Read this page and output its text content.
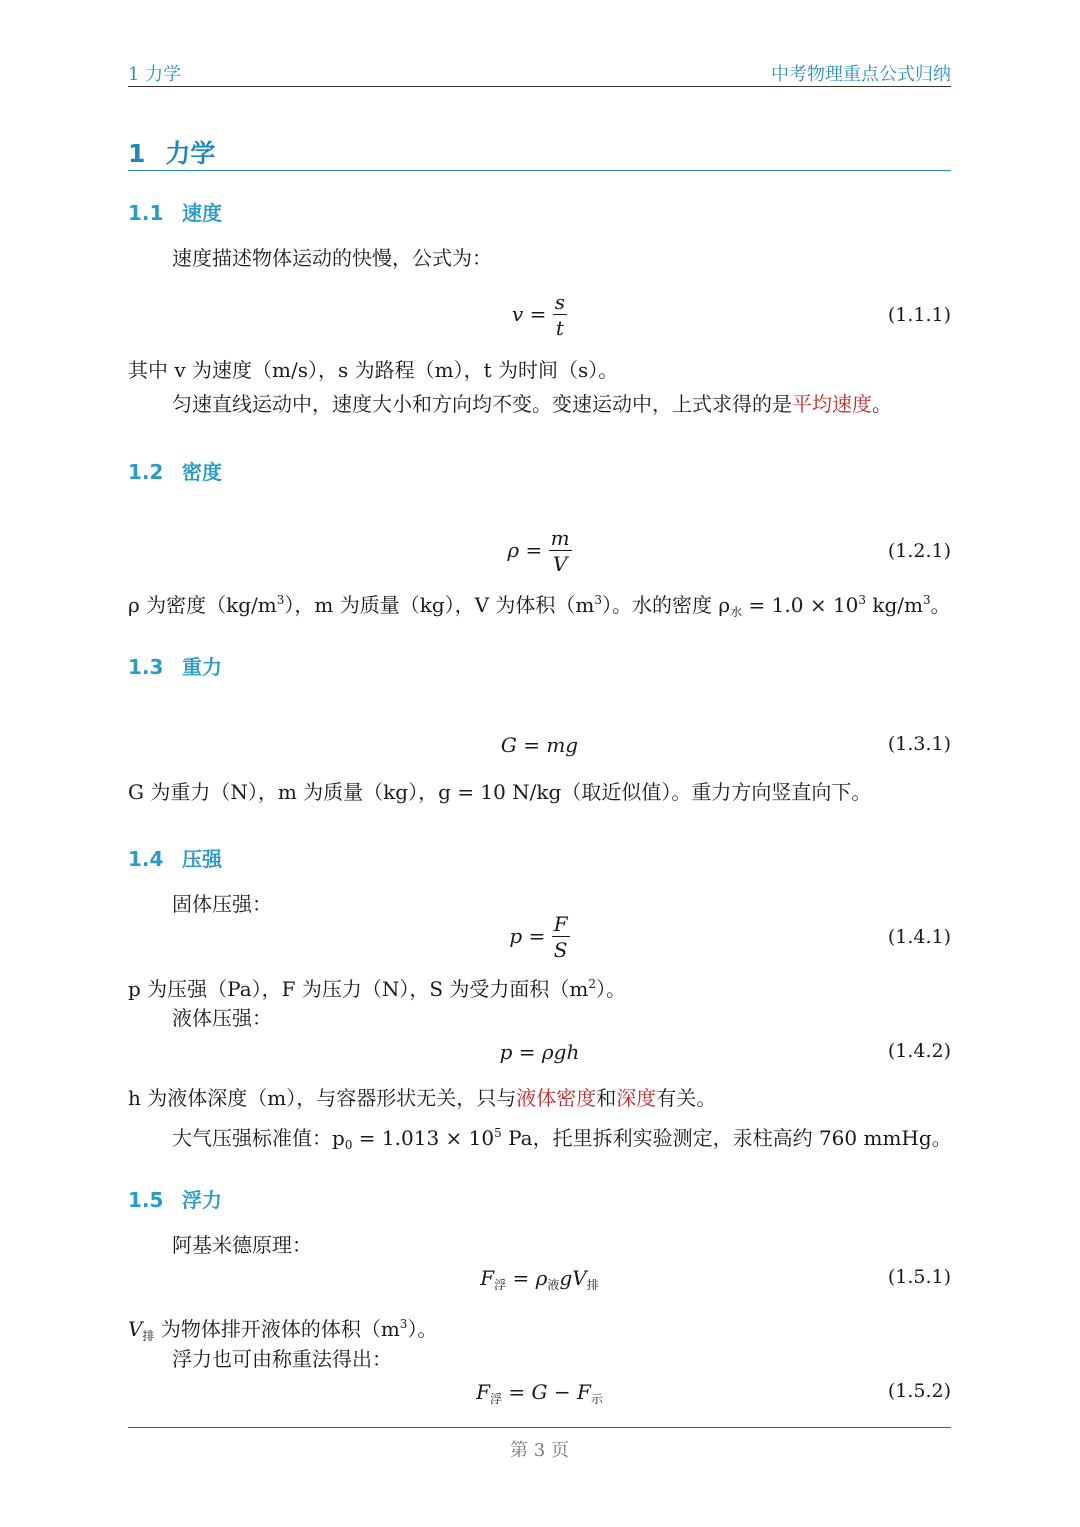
1 力学	中考物理重点公式归纳
1 力学
1.1 速度
速度描述物体运动的快慢，公式为：
$v = \frac{s}{t}$	(1.1.1)
其中 v 为速度（m/s），s 为路程（m），t 为时间（s）。
匀速直线运动中，速度大小和方向均不变。变速运动中，上式求得的是平均速度。
1.2 密度
$\rho = \frac{m}{V}$	(1.2.1)
ρ 为密度$(kg/m^3)$，m 为质量（kg），V 为体积$(m^3)$。水的密度 $\rho_水 = 1.0 \times 10^3$ $kg/m^3$。
1.3 重力
G = mg	(1.3.1)
G 为重力（N），m 为质量（kg），g = 10 N/kg（取近似值）。重力方向竖直向下。
1.4 压强
固体压强：
$p = \frac{F}{S}$	(1.4.1)
p 为压强（Pa），F 为压力（N），S 为受力面积$(m^2)$。
液体压强：
p = ρgh	(1.4.2)
h 为液体深度（m），与容器形状无关，只与液体密度和深度有关。
大气压强标准值：$p_0 = 1.013 \times 10^5$ Pa，托里拆利实验测定，汞柱高约 760 mmHg。
1.5 浮力
阿基米德原理：
$F_浮 = \rho_液gV_排$	(1.5.1)
$V_排$ 为物体排开液体的体积$(m^3)$。
浮力也可由称重法得出：
$F_浮 = G - F_示$	(1.5.2)
第 3 页
